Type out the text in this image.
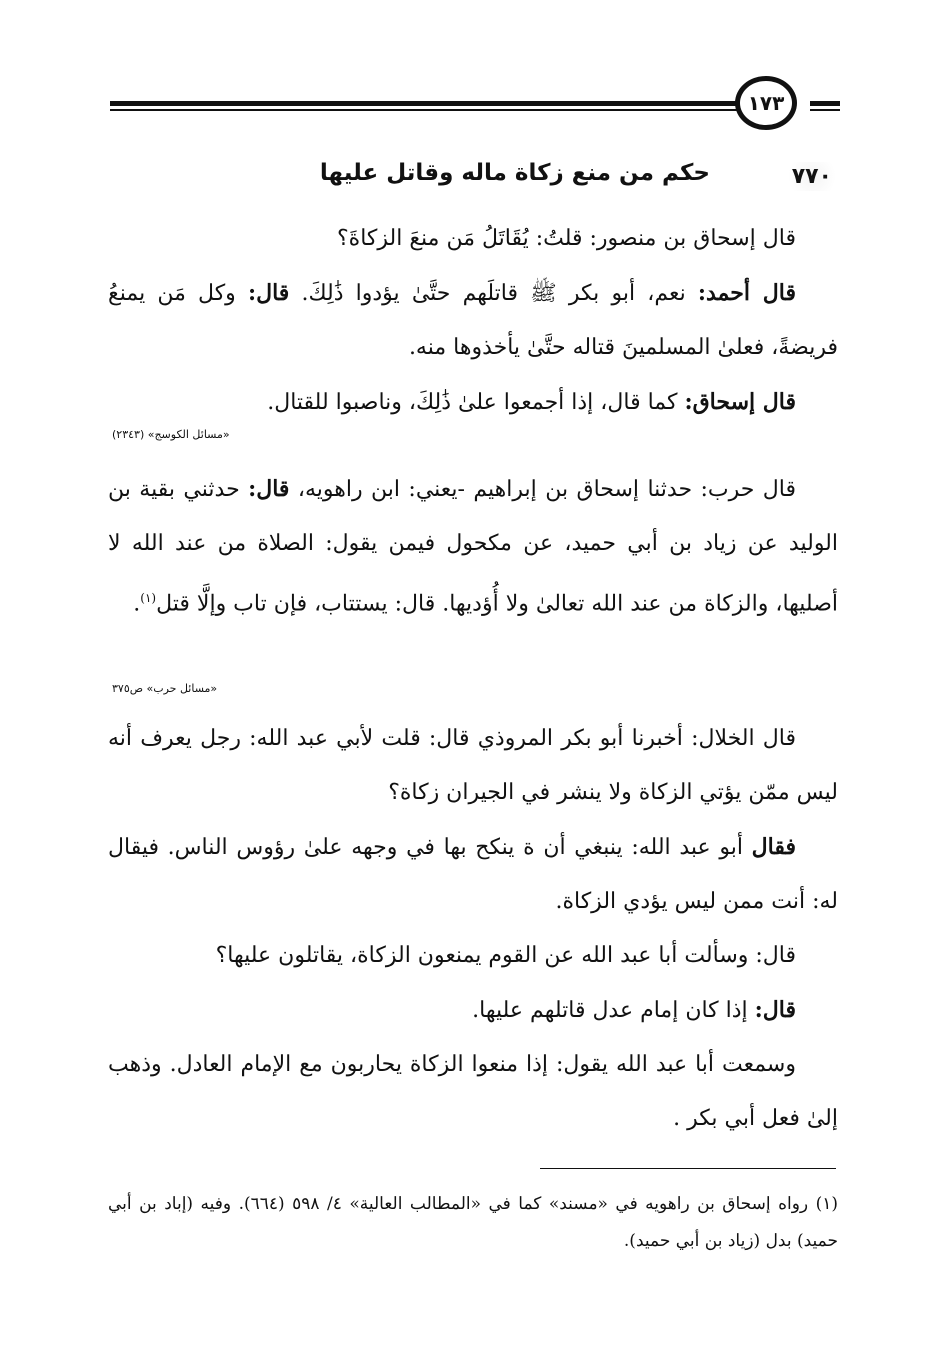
١٧٣
٧٧٠
حكم من منع زكاة ماله وقاتل عليها

قال إسحاق بن منصور: قلتُ: يُقَاتَلُ مَن منعَ الزكاةَ؟

قال أحمد: نعم، أبو بكر ﷺ قاتلَهم حتَّىٰ يؤدوا ذَٰلِكَ. قال: وكل مَن يمنعُ فريضةً، فعلىٰ المسلمينَ قتاله حتَّىٰ يأخذوها منه.

قال إسحاق: كما قال، إذا أجمعوا علىٰ ذَٰلِكَ، وناصبوا للقتال.

«مسائل الكوسج» (٢٣٤٣)

قال حرب: حدثنا إسحاق بن إبراهيم -يعني: ابن راهويه، قال: حدثني بقية بن الوليد عن زياد بن أبي حميد، عن مكحول فيمن يقول: الصلاة من عند الله لا أصليها، والزكاة من عند الله تعالىٰ ولا أُؤديها. قال: يستتاب، فإن تاب وإلَّا قتل$^{(١)}$.

«مسائل حرب» ص٣٧٥

قال الخلال: أخبرنا أبو بكر المروذي قال: قلت لأبي عبد الله: رجل يعرف أنه ليس ممّن يؤتي الزكاة ولا ينشر في الجيران زكاة؟

فقال أبو عبد الله: ينبغي أن ة ينكح بها في وجهه علىٰ رؤوس الناس. فيقال له: أنت ممن ليس يؤدي الزكاة.

قال: وسألت أبا عبد الله عن القوم يمنعون الزكاة، يقاتلون عليها؟

قال: إذا كان إمام عدل قاتلهم عليها.

وسمعت أبا عبد الله يقول: إذا منعوا الزكاة يحاربون مع الإمام العادل. وذهب إلىٰ فعل أبي بكر .

(١) رواه إسحاق بن راهويه في «مسند» كما في «المطالب العالية» ٤/ ٥٩٨ (٦٦٤). وفيه (إباد بن أبي حميد) بدل (زياد بن أبي حميد).
